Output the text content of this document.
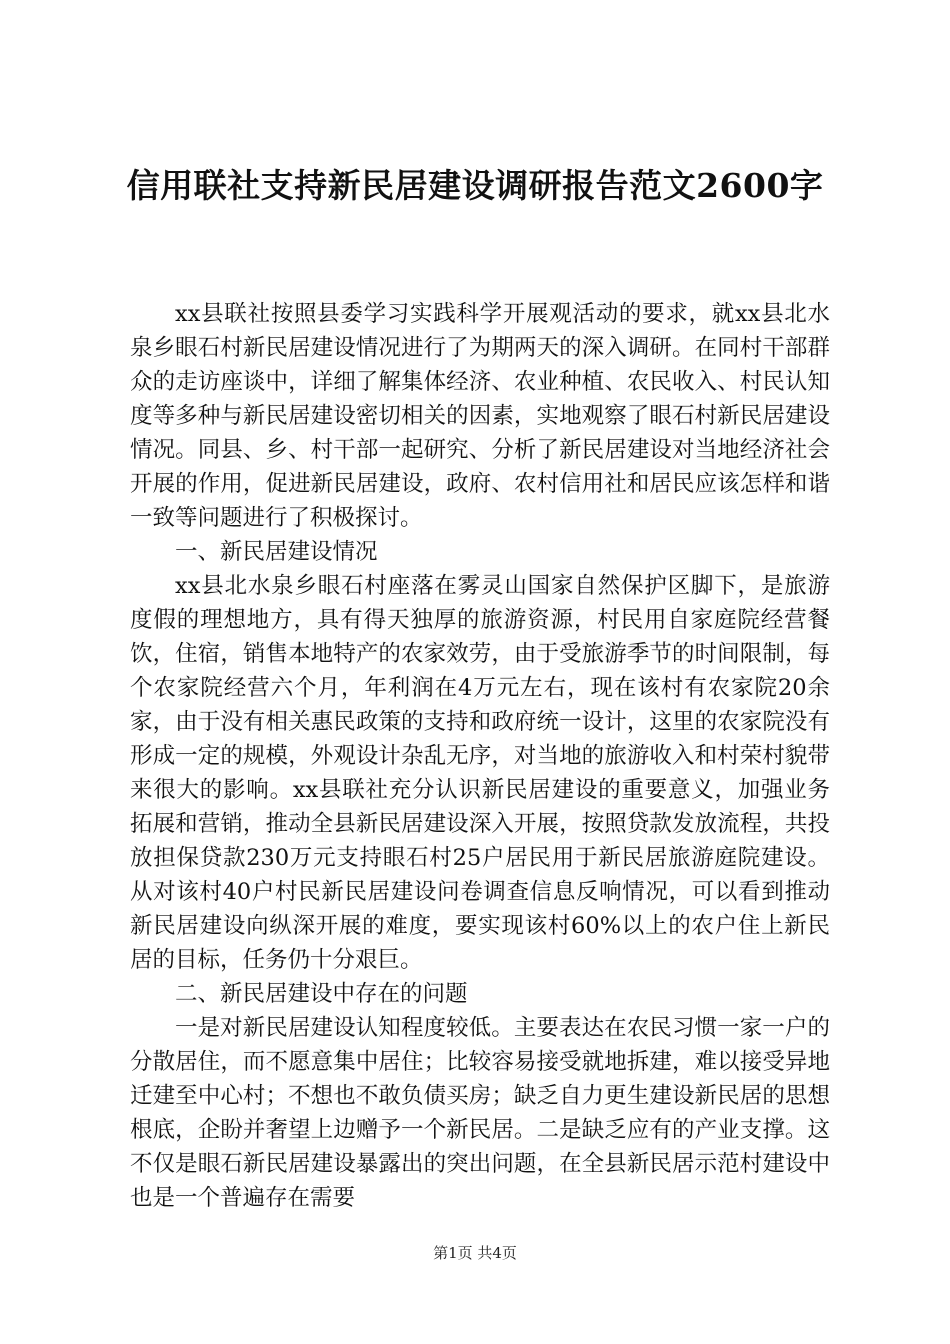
信用联社支持新民居建设调研报告范文2600字

xx县联社按照县委学习实践科学开展观活动的要求，就xx县北水泉乡眼石村新民居建设情况进行了为期两天的深入调研。在同村干部群众的走访座谈中，详细了解集体经济、农业种植、农民收入、村民认知度等多种与新民居建设密切相关的因素，实地观察了眼石村新民居建设情况。同县、乡、村干部一起研究、分析了新民居建设对当地经济社会开展的作用，促进新民居建设，政府、农村信用社和居民应该怎样和谐一致等问题进行了积极探讨。

一、新民居建设情况

xx县北水泉乡眼石村座落在雾灵山国家自然保护区脚下，是旅游度假的理想地方，具有得天独厚的旅游资源，村民用自家庭院经营餐饮，住宿，销售本地特产的农家效劳，由于受旅游季节的时间限制，每个农家院经营六个月，年利润在4万元左右，现在该村有农家院20余家，由于没有相关惠民政策的支持和政府统一设计，这里的农家院没有形成一定的规模，外观设计杂乱无序，对当地的旅游收入和村荣村貌带来很大的影响。xx县联社充分认识新民居建设的重要意义，加强业务拓展和营销，推动全县新民居建设深入开展，按照贷款发放流程，共投放担保贷款230万元支持眼石村25户居民用于新民居旅游庭院建设。从对该村40户村民新民居建设问卷调查信息反响情况，可以看到推动新民居建设向纵深开展的难度，要实现该村60%以上的农户住上新民居的目标，任务仍十分艰巨。

二、新民居建设中存在的问题

一是对新民居建设认知程度较低。主要表达在农民习惯一家一户的分散居住，而不愿意集中居住；比较容易接受就地拆建，难以接受异地迁建至中心村；不想也不敢负债买房；缺乏自力更生建设新民居的思想根底，企盼并奢望上边赠予一个新民居。二是缺乏应有的产业支撑。这不仅是眼石新民居建设暴露出的突出问题，在全县新民居示范村建设中也是一个普遍存在需要

第1页 共4页
